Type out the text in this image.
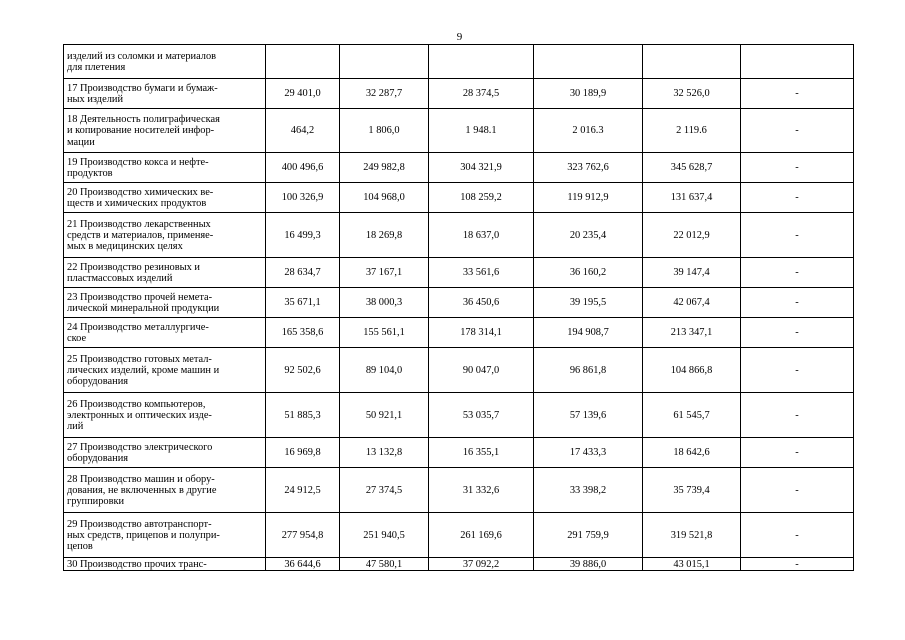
9
изделий из соломки и материалов
для плетения						

17 Производство бумаги и бумаж-
ных изделий	29 401,0	32 287,7	28 374,5	30 189,9	32 526,0	-

18 Деятельность полиграфическая
и копирование носителей инфор-
мации	464,2	1 806,0	1 948.1	2 016.3	2 119.6	-

19 Производство кокса и нефте-
продуктов	400 496,6	249 982,8	304 321,9	323 762,6	345 628,7	-

20 Производство химических ве-
ществ и химических продуктов	100 326,9	104 968,0	108 259,2	119 912,9	131 637,4	-

21 Производство лекарственных
средств и материалов, применяе-
мых в медицинских целях	16 499,3	18 269,8	18 637,0	20 235,4	22 012,9	-

22 Производство резиновых и
пластмассовых изделий	28 634,7	37 167,1	33 561,6	36 160,2	39 147,4	-

23 Производство прочей немета-
лической минеральной продукции	35 671,1	38 000,3	36 450,6	39 195,5	42 067,4	-

24 Производство металлургиче-
ское	165 358,6	155 561,1	178 314,1	194 908,7	213 347,1	-

25 Производство готовых метал-
лических изделий, кроме машин и
оборудования	92 502,6	89 104,0	90 047,0	96 861,8	104 866,8	-

26 Производство компьютеров,
электронных и оптических изде-
лий	51 885,3	50 921,1	53 035,7	57 139,6	61 545,7	-

27 Производство электрического
оборудования	16 969,8	13 132,8	16 355,1	17 433,3	18 642,6	-

28 Производство машин и обору-
дования, не включенных в другие
группировки	24 912,5	27 374,5	31 332,6	33 398,2	35 739,4	-

29 Производство автотранспорт-
ных средств, прицепов и полупри-
цепов	277 954,8	251 940,5	261 169,6	291 759,9	319 521,8	-

30 Производство прочих транс-	36 644,6	47 580,1	37 092,2	39 886,0	43 015,1	-
